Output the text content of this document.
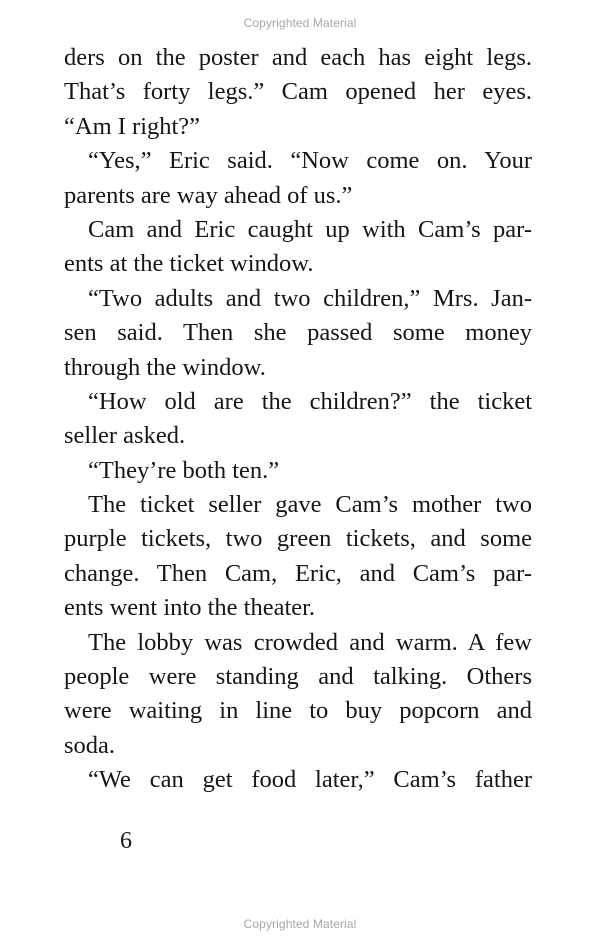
Copyrighted Material
ders on the poster and each has eight legs.
That’s forty legs.” Cam opened her eyes.
“Am I right?”
“Yes,” Eric said. “Now come on. Your
parents are way ahead of us.”
Cam and Eric caught up with Cam’s par-
ents at the ticket window.
“Two adults and two children,” Mrs. Jan-
sen said. Then she passed some money
through the window.
“How old are the children?” the ticket
seller asked.
“They’re both ten.”
The ticket seller gave Cam’s mother two
purple tickets, two green tickets, and some
change. Then Cam, Eric, and Cam’s par-
ents went into the theater.
The lobby was crowded and warm. A few
people were standing and talking. Others
were waiting in line to buy popcorn and
soda.
“We can get food later,” Cam’s father
6
Copyrighted Material
